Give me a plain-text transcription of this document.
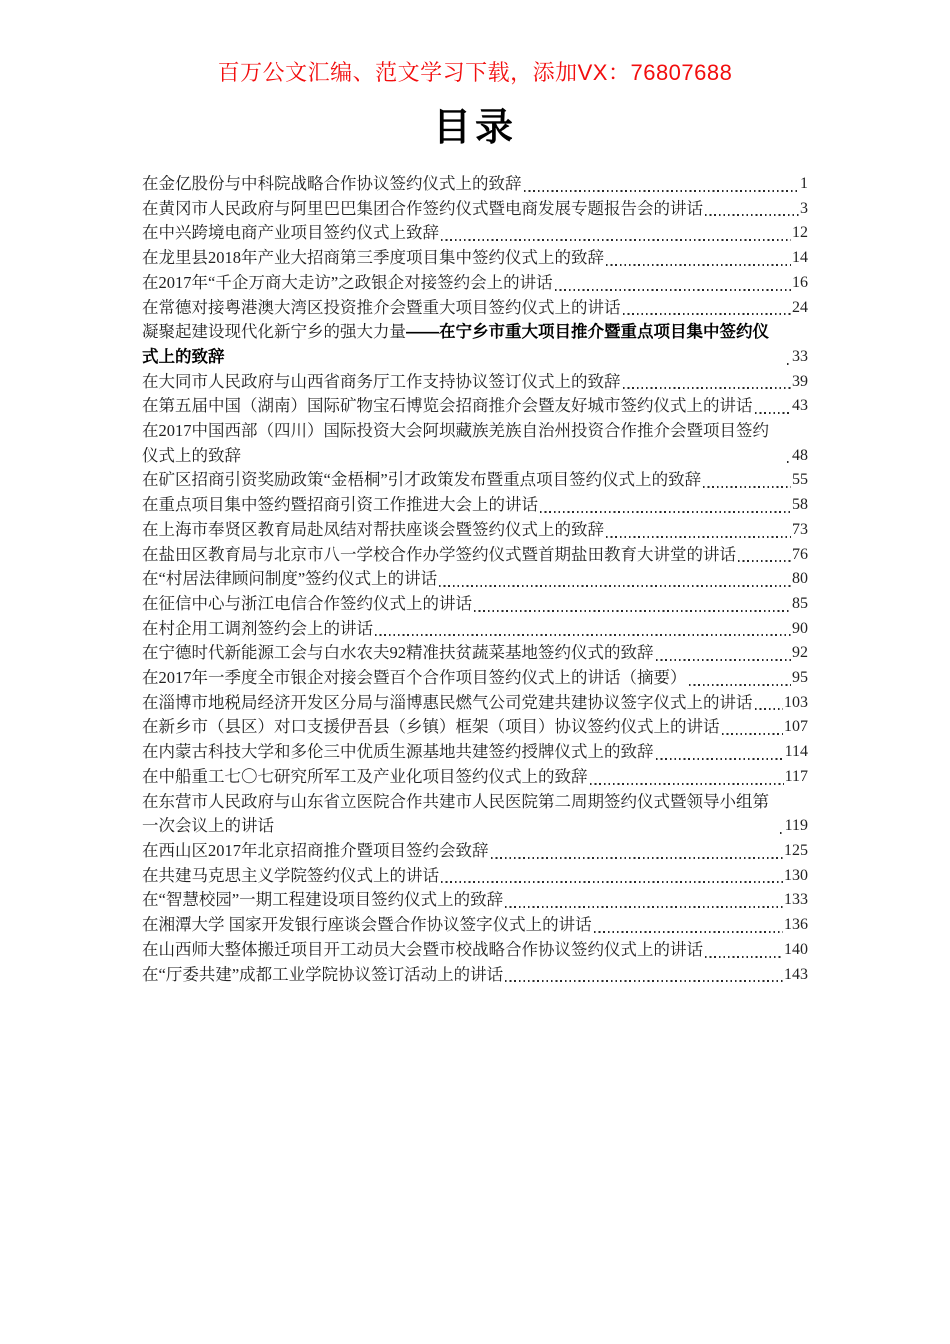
百万公文汇编、范文学习下载，添加VX：76807688
目录
在金亿股份与中科院战略合作协议签约仪式上的致辞	1
在黄冈市人民政府与阿里巴巴集团合作签约仪式暨电商发展专题报告会的讲话	3
在中兴跨境电商产业项目签约仪式上致辞	12
在龙里县2018年产业大招商第三季度项目集中签约仪式上的致辞	14
在2017年“千企万商大走访”之政银企对接签约会上的讲话	16
在常德对接粤港澳大湾区投资推介会暨重大项目签约仪式上的讲话	24
凝聚起建设现代化新宁乡的强大力量——在宁乡市重大项目推介暨重点项目集中签约仪式上的致辞	33
在大同市人民政府与山西省商务厅工作支持协议签订仪式上的致辞	39
在第五届中国（湖南）国际矿物宝石博览会招商推介会暨友好城市签约仪式上的讲话 43
在2017中国西部（四川）国际投资大会阿坝藏族羌族自治州投资合作推介会暨项目签约仪式上的致辞	48
在矿区招商引资奖励政策“金梧桐”引才政策发布暨重点项目签约仪式上的致辞	55
在重点项目集中签约暨招商引资工作推进大会上的讲话	58
在上海市奉贤区教育局赴凤结对帮扶座谈会暨签约仪式上的致辞	73
在盐田区教育局与北京市八一学校合作办学签约仪式暨首期盐田教育大讲堂的讲话	76
在“村居法律顾问制度”签约仪式上的讲话	80
在征信中心与浙江电信合作签约仪式上的讲话	85
在村企用工调剂签约会上的讲话	90
在宁德时代新能源工会与白水农夫92精准扶贫蔬菜基地签约仪式的致辞	92
在2017年一季度全市银企对接会暨百个合作项目签约仪式上的讲话（摘要）	95
在淄博市地税局经济开发区分局与淄博惠民燃气公司党建共建协议签字仪式上的讲话 103
在新乡市（县区）对口支援伊吾县（乡镇）框架（项目）协议签约仪式上的讲话	107
在内蒙古科技大学和多伦三中优质生源基地共建签约授牌仪式上的致辞	114
在中船重工七〇七研究所军工及产业化项目签约仪式上的致辞	117
在东营市人民政府与山东省立医院合作共建市人民医院第二周期签约仪式暨领导小组第一次会议上的讲话	119
在西山区2017年北京招商推介暨项目签约会致辞	125
在共建马克思主义学院签约仪式上的讲话	130
在“智慧校园”一期工程建设项目签约仪式上的致辞	133
在湘潭大学 国家开发银行座谈会暨合作协议签字仪式上的讲话	136
在山西师大整体搬迁项目开工动员大会暨市校战略合作协议签约仪式上的讲话	140
在“厅委共建”成都工业学院协议签订活动上的讲话	143
